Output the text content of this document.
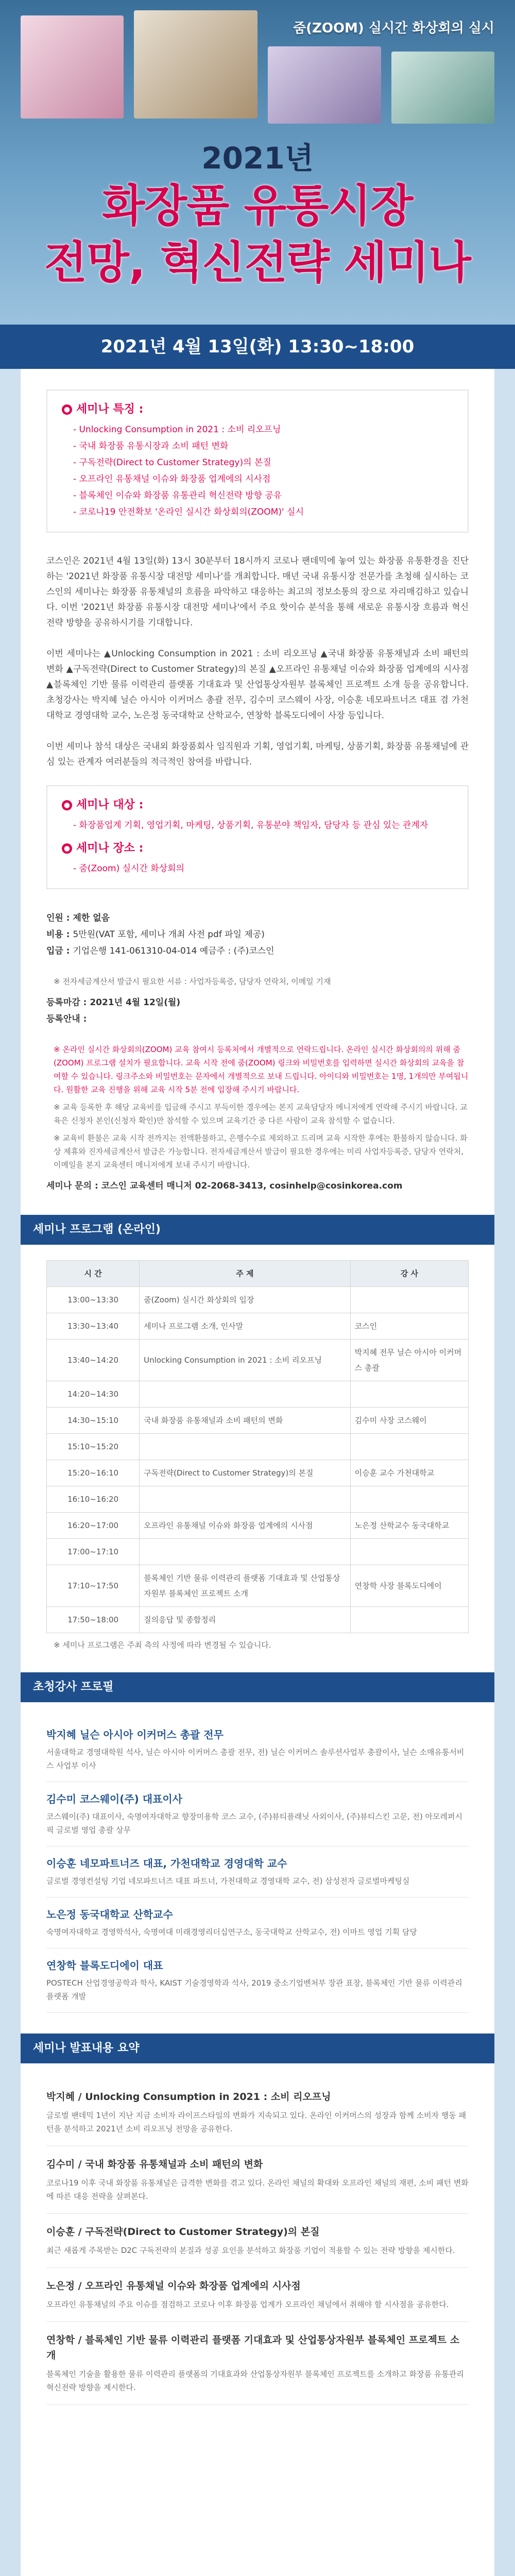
줌(ZOOM) 실시간 화상회의 실시
2021년
화장품 유통시장
전망, 혁신전략 세미나
2021년 4월 13일(화) 13:30~18:00
● 세미나 특징 :
- Unlocking Consumption in 2021 : 소비 리오프닝
- 국내 화장품 유통시장과 소비 패턴 변화
- 구독전략(Direct to Customer Strategy)의 본질
- 오프라인 유통채널 이슈와 화장품 업계에의 시사점
- 블록체인 이슈와 화장품 유통관리 혁신전략 방향 공유
- 코로나19 안전확보 '온라인 실시간 화상회의(ZOOM)' 실시
코스인은 2021년 4월 13일(화) 13시 30분부터 18시까지 코로나 팬데믹에 놓여 있는 화장품 유통환경을 진단하는 '2021년 화장품 유통시장 대전망 세미나'를 개최합니다. 매년 국내 유통시장 전문가를 초청해 실시하는 코스인의 세미나는 화장품 유통채널의 흐름을 파악하고 대응하는 최고의 정보소통의 장으로 자리매김하고 있습니다. 이번 '2021년 화장품 유통시장 대전망 세미나'에서 주요 핫이슈 분석을 통해 새로운 유통시장 흐름과 혁신전략 방향을 공유하시기를 기대합니다.
이번 세미나는 ▲Unlocking Consumption in 2021 : 소비 리오프닝 ▲국내 화장품 유통채널과 소비 패턴의 변화 ▲구독전략(Direct to Customer Strategy)의 본질 ▲오프라인 유통채널 이슈와 화장품 업계에의 시사점 ▲블록체인 기반 물류 이력관리 플랫폼 기대효과 및 산업통상자원부 블록체인 프로젝트 소개 등을 공유합니다. 초청강사는 박지혜 닐슨 아시아 이커머스 총괄 전무, 김수미 코스웨이 사장, 이승훈 네모파트너즈 대표 겸 가천대학교 경영대학 교수, 노은정 동국대학교 산학교수, 연창학 블록도디에이 사장 등입니다.
이번 세미나 참석 대상은 국내외 화장품회사 임직원과 기획, 영업기획, 마케팅, 상품기획, 화장품 유통채널에 관심 있는 관계자 여러분들의 적극적인 참여를 바랍니다.
● 세미나 대상 :
- 화장품업계 기획, 영업기획, 마케팅, 상품기획, 유통분야 책임자, 담당자 등 관심 있는 관계자
● 세미나 장소 :
- 줌(Zoom) 실시간 화상회의
인원 : 제한 없음
비용 : 5만원(VAT 포함, 세미나 개최 사전 pdf 파일 제공)
입금 : 기업은행 141-061310-04-014 예금주 : (주)코스인
※ 전자세금계산서 발급시 필요한 서류 : 사업자등록증, 담당자 연락처, 이메일 기재
등록마감 : 2021년 4월 12일(월)
등록안내 :
※ 온라인 실시간 화상회의(ZOOM) 교육 참여시 등록처에서 개별적으로 연락드립니다. 온라인 실시간 화상회의의 위해 줌(ZOOM) 프로그램 설치가 필요합니다. 교육 시작 전에 줌(ZOOM) 링크와 비밀번호를 입력하면 실시간 화상회의 교육을 참여할 수 있습니다. 링크주소와 비밀번호는 문자에서 개별적으로 보내 드립니다. 아이디와 비밀번호는 1명, 1개의만 부여됩니다. 원활한 교육 진행을 위해 교육 시작 5분 전에 입장해 주시기 바랍니다.
※ 교육 등록한 후 해당 교육비를 입금해 주시고 부득이한 경우에는 본지 교육담당자 메니저에게 연락해 주시기 바랍니다. 교육은 신청자 본인(신청자 확인)만 참석할 수 있으며 교육기간 중 다른 사람이 교육 참석할 수 없습니다.
※ 교육비 환불은 교육 시작 전까지는 전액환불하고, 은행수수료 제외하고 드리며 교육 시작한 후에는 환불하지 않습니다. 화상 제휴와 진자세금계산서 발급은 가능합니다. 전자세금계산서 발급이 필요한 경우에는 미리 사업자등록증, 담당자 연락처, 이메일을 본지 교육센터 메니저에게 보내 주시기 바랍니다.
세미나 문의 : 코스인 교육센터 매니저 02-2068-3413, cosinhelp@cosinkorea.com
세미나 프로그램 (온라인)
시 간	주 제	강 사
13:00~13:30	줌(Zoom) 실시간 화상회의 입장	
13:30~13:40	세미나 프로그램 소개, 인사말	코스인
13:40~14:20	Unlocking Consumption in 2021 : 소비 리오프닝	박지혜 전무 닐슨 아시아 이커머스 총괄
14:20~14:30		
14:30~15:10	국내 화장품 유통채널과 소비 패턴의 변화	김수미 사장 코스웨이
15:10~15:20		
15:20~16:10	구독전략(Direct to Customer Strategy)의 본질	이승훈 교수 가천대학교
16:10~16:20		
16:20~17:00	오프라인 유통채널 이슈와 화장품 업계에의 시사점	노은정 산학교수 동국대학교
17:00~17:10		
17:10~17:50	블록체인 기반 물류 이력관리 플랫폼 기대효과 및 산업통상자원부 블록체인 프로젝트 소개	연창학 사장 블록도디에이
17:50~18:00	질의응답 및 종합정리	
※ 세미나 프로그램은 주최 측의 사정에 따라 변경될 수 있습니다.
초청강사 프로필
박지혜 닐슨 아시아 이커머스 총괄 전무
서울대학교 경영대학원 석사, 닐슨 아시아 이커머스 총괄 전무, 전) 닐슨 이커머스 솔루션사업부 총괄이사, 닐슨 소매유통서비스 사업부 이사
김수미 코스웨이(주) 대표이사
코스웨이(주) 대표이사, 숙명여자대학교 향장미용학 코스 교수, (주)뷰티플래닛 사외이사, (주)뷰티스킨 고문, 전) 아모레퍼시픽 글로벌 영업 총괄 상무
이승훈 네모파트너즈 대표, 가천대학교 경영대학 교수
글로벌 경영컨설팅 기업 네모파트너즈 대표 파트너, 가천대학교 경영대학 교수, 전) 삼성전자 글로벌마케팅실
노은정 동국대학교 산학교수
숙명여자대학교 경영학석사, 숙명여대 미래경영리더십연구소, 동국대학교 산학교수, 전) 이마트 영업 기획 담당
연창학 블록도디에이 대표
POSTECH 산업경영공학과 학사, KAIST 기술경영학과 석사, 2019 중소기업벤처부 장관 표창, 블록체인 기반 물류 이력관리 플랫폼 개발
세미나 발표내용 요약
박지혜 / Unlocking Consumption in 2021 : 소비 리오프닝
글로벌 팬데믹 1년이 지난 지금 소비자 라이프스타일의 변화가 지속되고 있다. 온라인 이커머스의 성장과 함께 소비자 행동 패턴을 분석하고 2021년 소비 리오프닝 전망을 공유한다.
김수미 / 국내 화장품 유통채널과 소비 패턴의 변화
코로나19 이후 국내 화장품 유통채널은 급격한 변화를 겪고 있다. 온라인 채널의 확대와 오프라인 채널의 재편, 소비 패턴 변화에 따른 대응 전략을 살펴본다.
이승훈 / 구독전략(Direct to Customer Strategy)의 본질
최근 새롭게 주목받는 D2C 구독전략의 본질과 성공 요인을 분석하고 화장품 기업이 적용할 수 있는 전략 방향을 제시한다.
노은정 / 오프라인 유통채널 이슈와 화장품 업계에의 시사점
오프라인 유통채널의 주요 이슈를 점검하고 코로나 이후 화장품 업계가 오프라인 채널에서 취해야 할 시사점을 공유한다.
연창학 / 블록체인 기반 물류 이력관리 플랫폼 기대효과 및 산업통상자원부 블록체인 프로젝트 소개
블록체인 기술을 활용한 물류 이력관리 플랫폼의 기대효과와 산업통상자원부 블록체인 프로젝트를 소개하고 화장품 유통관리 혁신전략 방향을 제시한다.
